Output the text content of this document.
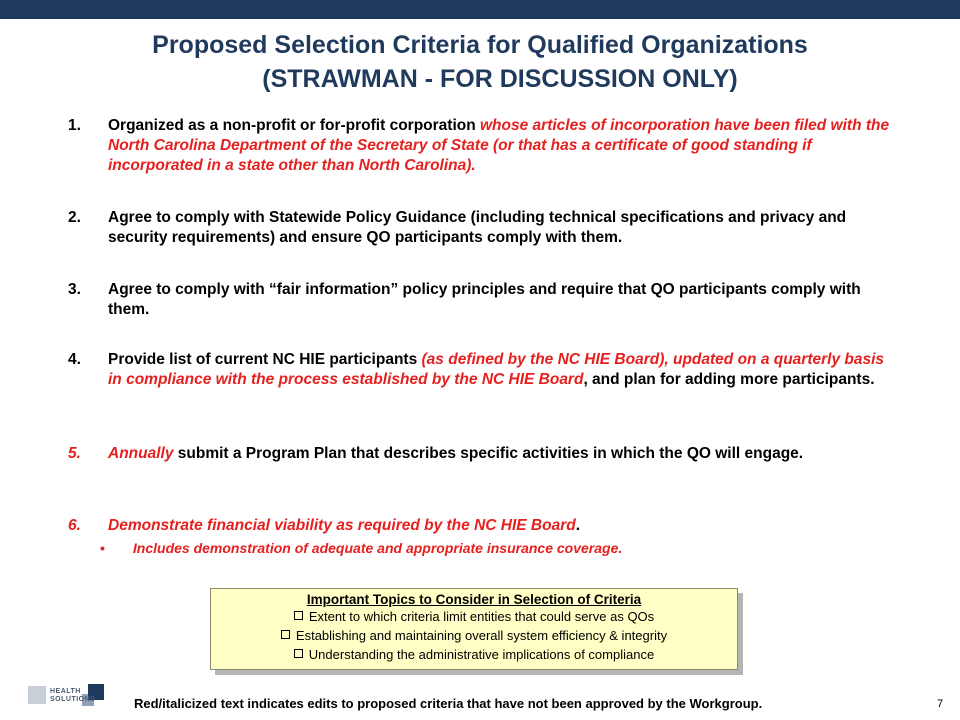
Proposed Selection Criteria for Qualified Organizations
(STRAWMAN - FOR DISCUSSION ONLY)
1. Organized as a non-profit or for-profit corporation whose articles of incorporation have been filed with the North Carolina Department of the Secretary of State (or that has a certificate of good standing if incorporated in a state other than North Carolina).
2. Agree to comply with Statewide Policy Guidance (including technical specifications and privacy and security requirements) and ensure QO participants comply with them.
3. Agree to comply with “fair information” policy principles and require that QO participants comply with them.
4. Provide list of current NC HIE participants (as defined by the NC HIE Board), updated on a quarterly basis in compliance with the process established by the NC HIE Board, and plan for adding more participants.
5. Annually submit a Program Plan that describes specific activities in which the QO will engage.
6. Demonstrate financial viability as required by the NC HIE Board.
• Includes demonstration of adequate and appropriate insurance coverage.
Important Topics to Consider in Selection of Criteria
Extent to which criteria limit entities that could serve as QOs
Establishing and maintaining overall system efficiency & integrity
Understanding the administrative implications of compliance
HEALTH
SOLUTIONS	Red/italicized text indicates edits to proposed criteria that have not been approved by the Workgroup.	7
